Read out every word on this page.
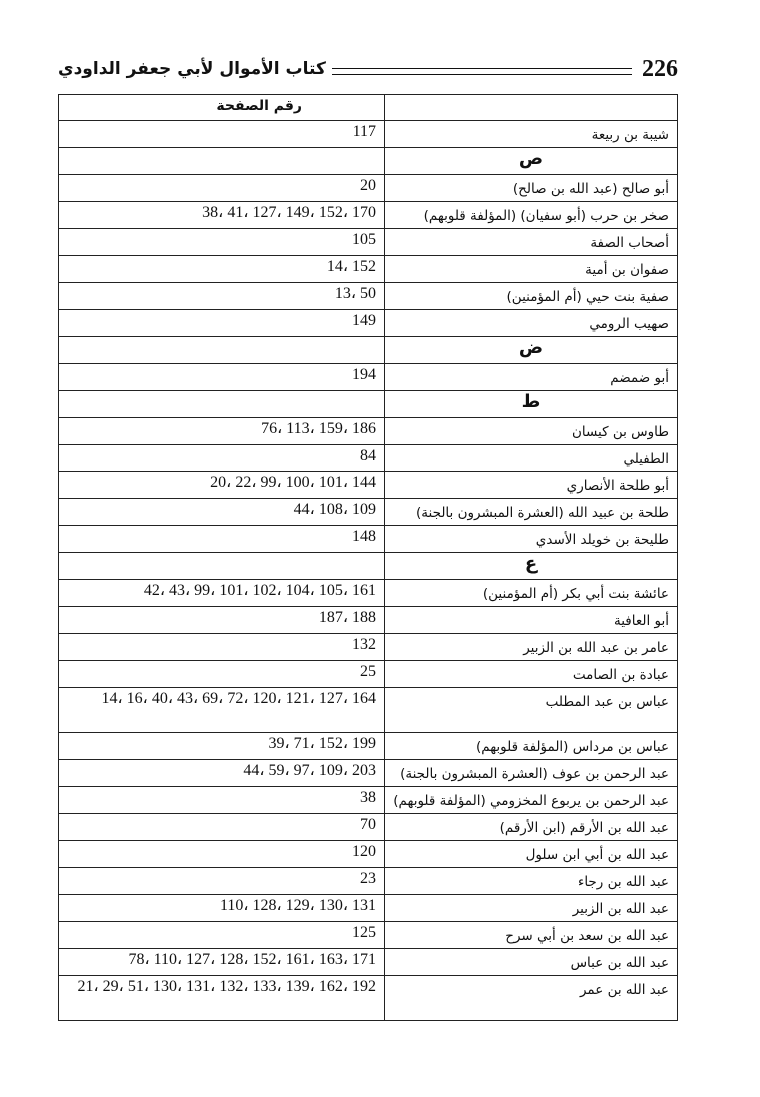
226
كتاب الأموال لأبي جعفر الداودي
	رقم الصفحة

شيبة بن ربيعة	117
ص	

أبو صالح (عبد الله بن صالح)	20

صخر بن حرب (أبو سفيان) (المؤلفة قلوبهم)	38، 41، 127، 149، 152، 170

أصحاب الصفة	105

صفوان بن أمية	14، 152

صفية بنت حيي (أم المؤمنين)	13، 50

صهيب الرومي	149
ض	

أبو ضمضم	194
ط	

طاوس بن كيسان	76، 113، 159، 186

الطفيلي	84

أبو طلحة الأنصاري	20، 22، 99، 100، 101، 144

طلحة بن عبيد الله (العشرة المبشرون بالجنة)	44، 108، 109

طليحة بن خويلد الأسدي	148
ع	

عائشة بنت أبي بكر (أم المؤمنين)	42، 43، 99، 101، 102، 104، 105، 161

أبو العافية	187، 188

عامر بن عبد الله بن الزبير	132

عبادة بن الصامت	25

عباس بن عبد المطلب	14، 16، 40، 43، 69، 72، 120، 121، 127، 164

عباس بن مرداس (المؤلفة قلوبهم)	39، 71، 152، 199

عبد الرحمن بن عوف (العشرة المبشرون بالجنة)	44، 59، 97، 109، 203

عبد الرحمن بن يربوع المخزومي (المؤلفة قلوبهم)	38

عبد الله بن الأرقم (ابن الأرقم)	70

عبد الله بن أبي ابن سلول	120

عبد الله بن رجاء	23

عبد الله بن الزبير	110، 128، 129، 130، 131

عبد الله بن سعد بن أبي سرح	125

عبد الله بن عباس	78، 110، 127، 128، 152، 161، 163، 171

عبد الله بن عمر	21، 29، 51، 130، 131، 132، 133، 139، 162، 192
